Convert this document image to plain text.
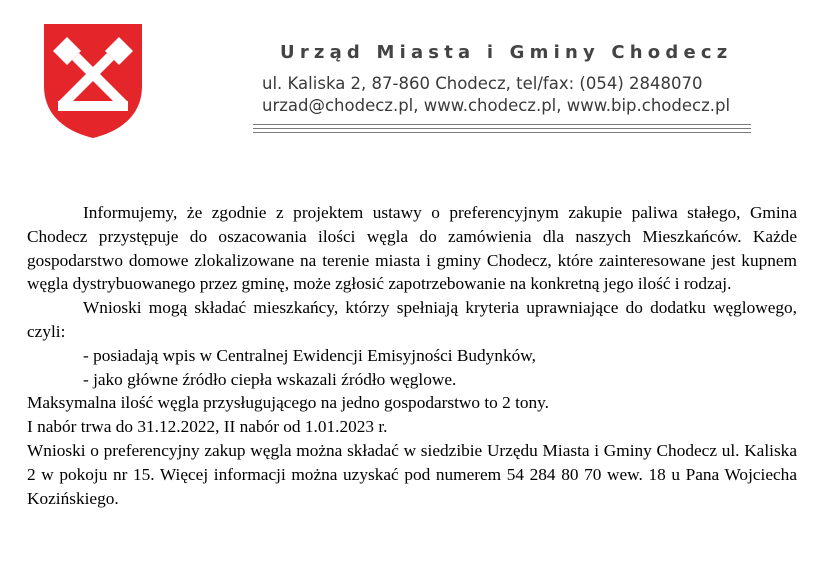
Urząd Miasta i Gminy Chodecz
ul. Kaliska 2, 87-860 Chodecz, tel/fax: (054) 2848070
urzad@chodecz.pl, www.chodecz.pl, www.bip.chodecz.pl

Informujemy, że zgodnie z projektem ustawy o preferencyjnym zakupie paliwa stałego, Gmina Chodecz przystępuje do oszacowania ilości węgla do zamówienia dla naszych Mieszkańców. Każde gospodarstwo domowe zlokalizowane na terenie miasta i gminy Chodecz, które zainteresowane jest kupnem węgla dystrybuowanego przez gminę, może zgłosić zapotrzebowanie na konkretną jego ilość i rodzaj.

Wnioski mogą składać mieszkańcy, którzy spełniają kryteria uprawniające do dodatku węglowego, czyli:

- posiadają wpis w Centralnej Ewidencji Emisyjności Budynków,

- jako główne źródło ciepła wskazali źródło węglowe.

Maksymalna ilość węgla przysługującego na jedno gospodarstwo to 2 tony.

I nabór trwa do 31.12.2022, II nabór od 1.01.2023 r.

Wnioski o preferencyjny zakup węgla można składać w siedzibie Urzędu Miasta i Gminy Chodecz ul. Kaliska 2 w pokoju nr 15. Więcej informacji można uzyskać pod numerem 54 284 80 70 wew. 18 u Pana Wojciecha Kozińskiego.
